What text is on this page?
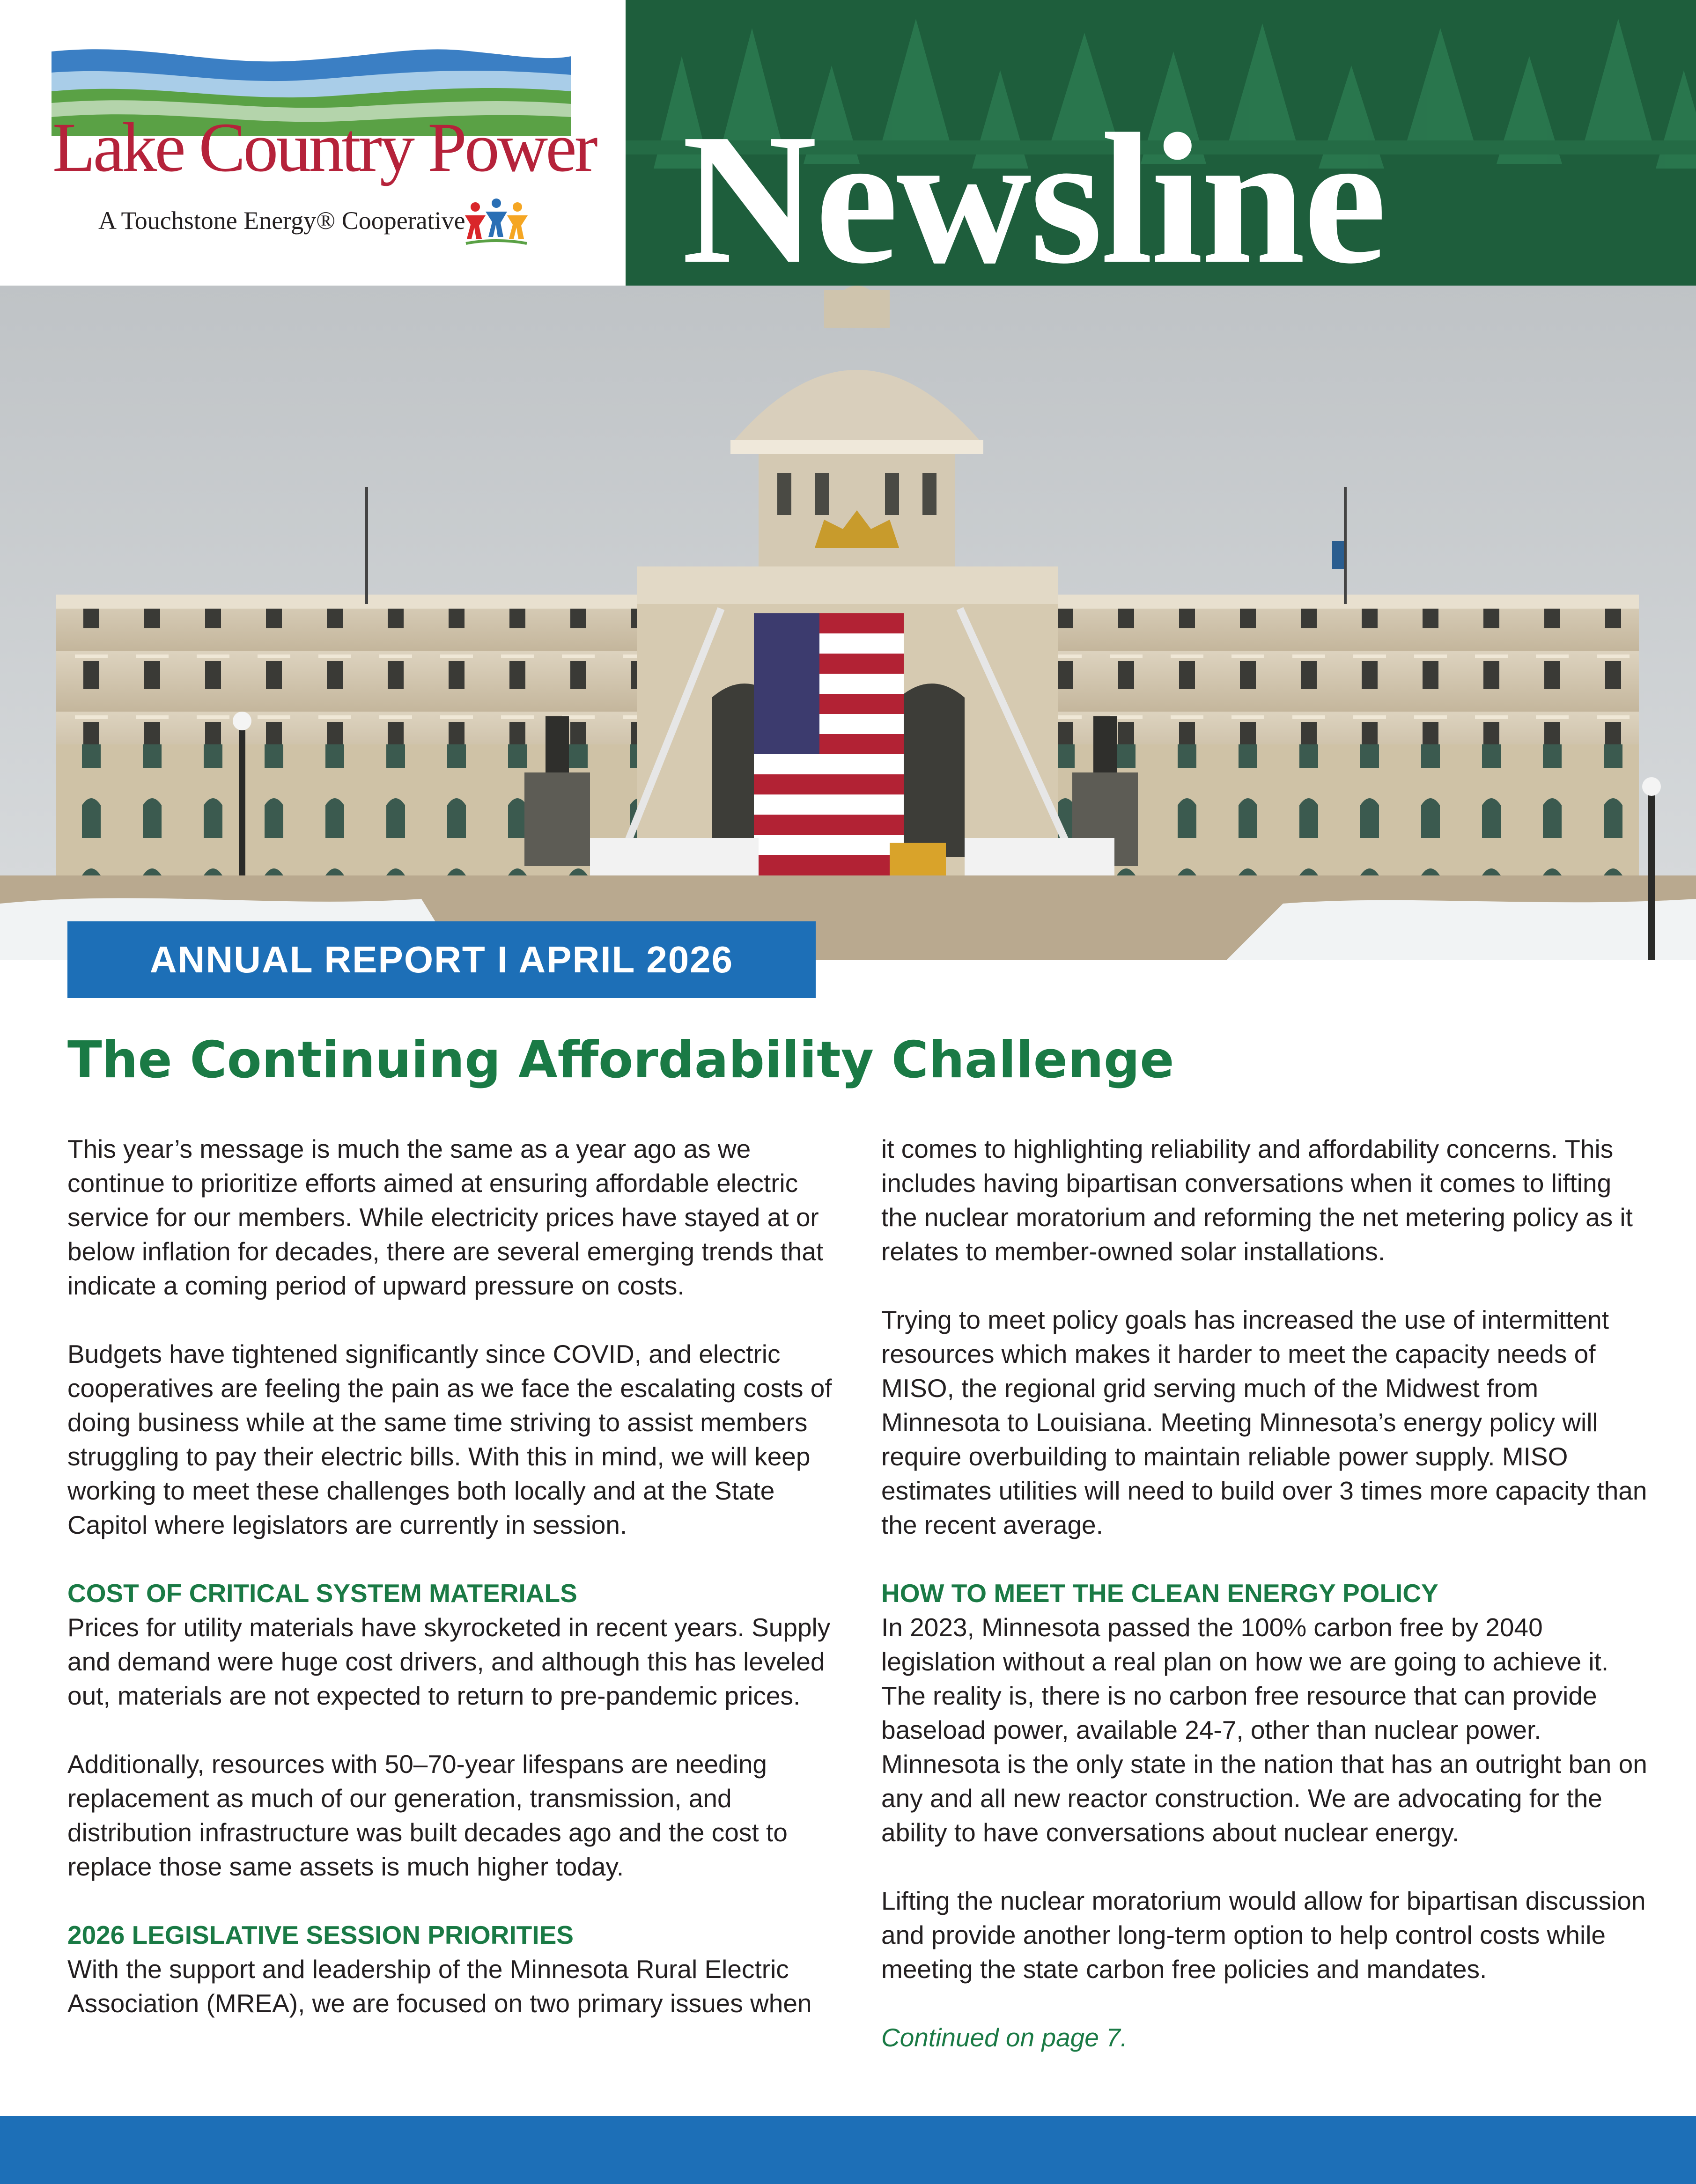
Lake Country Power
A Touchstone Energy® Cooperative Newsline
ANNUAL REPORT I APRIL 2026
The Continuing Affordability Challenge

This year’s message is much the same as a year ago as we continue to prioritize efforts aimed at ensuring affordable electric service for our members. While electricity prices have stayed at or below inflation for decades, there are several emerging trends that indicate a coming period of upward pressure on costs.

Budgets have tightened significantly since COVID, and electric cooperatives are feeling the pain as we face the escalating costs of doing business while at the same time striving to assist members struggling to pay their electric bills. With this in mind, we will keep working to meet these challenges both locally and at the State Capitol where legislators are currently in session.

COST OF CRITICAL SYSTEM MATERIALS

Prices for utility materials have skyrocketed in recent years. Supply and demand were huge cost drivers, and although this has leveled out, materials are not expected to return to pre-pandemic prices.

Additionally, resources with 50–70-year lifespans are needing replacement as much of our generation, transmission, and distribution infrastructure was built decades ago and the cost to replace those same assets is much higher today.

2026 LEGISLATIVE SESSION PRIORITIES

With the support and leadership of the Minnesota Rural Electric Association (MREA), we are focused on two primary issues when

it comes to highlighting reliability and affordability concerns. This includes having bipartisan conversations when it comes to lifting the nuclear moratorium and reforming the net metering policy as it relates to member-owned solar installations.

Trying to meet policy goals has increased the use of intermittent resources which makes it harder to meet the capacity needs of MISO, the regional grid serving much of the Midwest from Minnesota to Louisiana. Meeting Minnesota’s energy policy will require overbuilding to maintain reliable power supply. MISO estimates utilities will need to build over 3 times more capacity than the recent average.

HOW TO MEET THE CLEAN ENERGY POLICY

In 2023, Minnesota passed the 100% carbon free by 2040 legislation without a real plan on how we are going to achieve it. The reality is, there is no carbon free resource that can provide baseload power, available 24-7, other than nuclear power. Minnesota is the only state in the nation that has an outright ban on any and all new reactor construction. We are advocating for the ability to have conversations about nuclear energy.

Lifting the nuclear moratorium would allow for bipartisan discussion and provide another long-term option to help control costs while meeting the state carbon free policies and mandates.

Continued on page 7.
